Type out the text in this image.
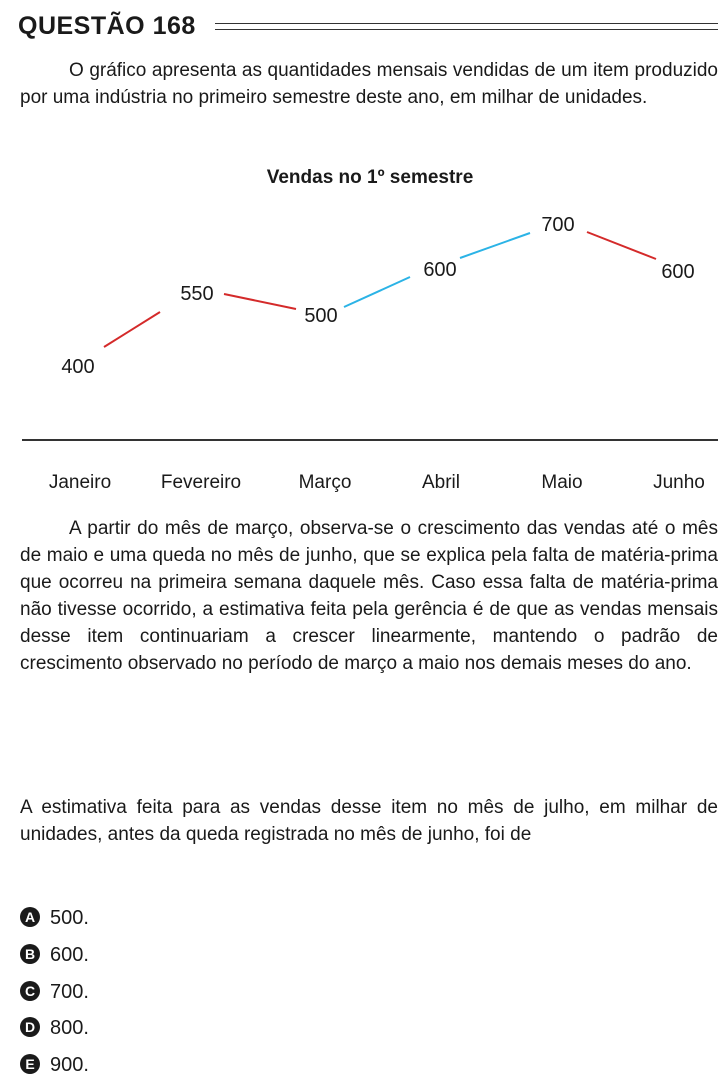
QUESTÃO 168

O gráfico apresenta as quantidades mensais vendidas de um item produzido por uma indústria no primeiro semestre deste ano, em milhar de unidades.

Vendas no 1º semestre
400
550
500
600
700
600
Janeiro	Fevereiro	Março	Abril	Maio	Junho

A partir do mês de março, observa-se o crescimento das vendas até o mês de maio e uma queda no mês de junho, que se explica pela falta de matéria-prima que ocorreu na primeira semana daquele mês. Caso essa falta de matéria-prima não tivesse ocorrido, a estimativa feita pela gerência é de que as vendas mensais desse item continuariam a crescer linearmente, mantendo o padrão de crescimento observado no período de março a maio nos demais meses do ano.

A estimativa feita para as vendas desse item no mês de julho, em milhar de unidades, antes da queda registrada no mês de junho, foi de

A 500.
B 600.
C 700.
D 800.
E 900.
